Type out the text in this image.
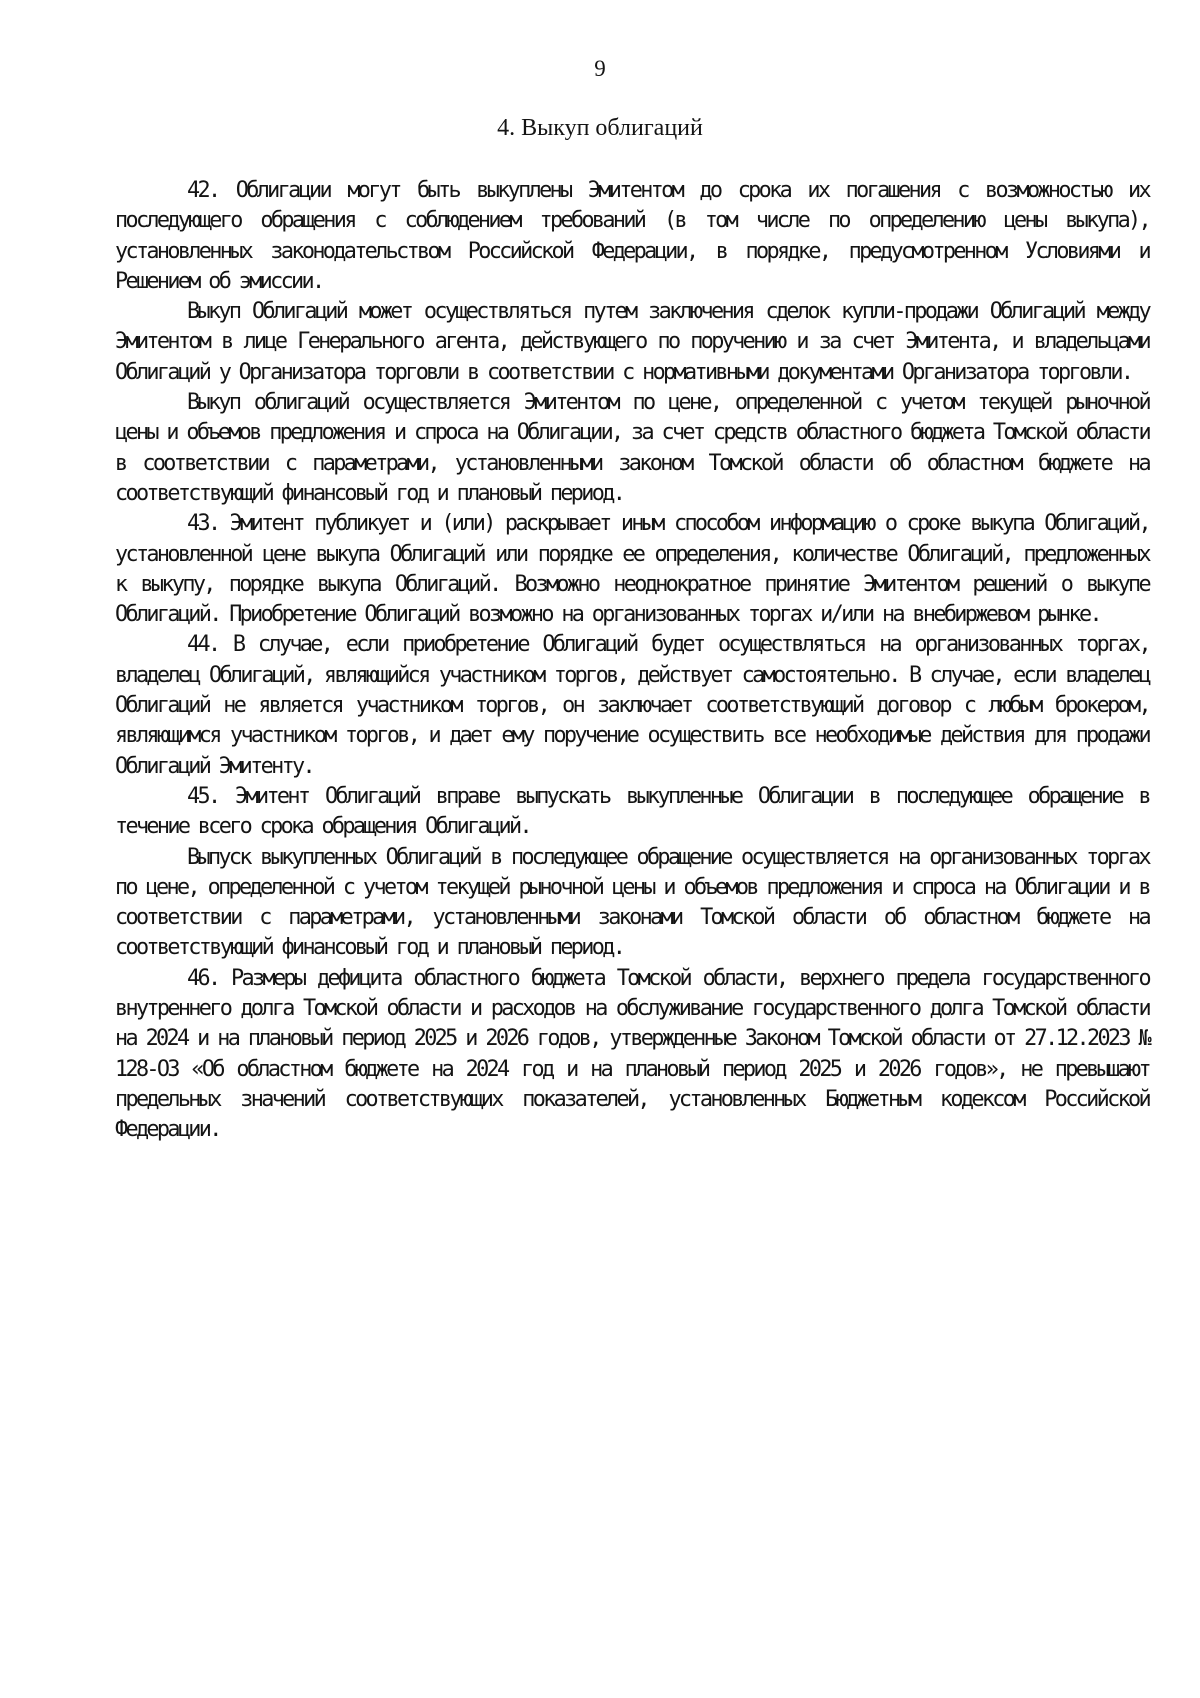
9
4. Выкуп облигаций

42. Облигации могут быть выкуплены Эмитентом до срока их погашения с возможностью их последующего обращения с соблюдением требований (в том числе по определению цены выкупа), установленных законодательством Российской Федерации, в порядке, предусмотренном Условиями и Решением об эмиссии.

Выкуп Облигаций может осуществляться путем заключения сделок купли-продажи Облигаций между Эмитентом в лице Генерального агента, действующего по поручению и за счет Эмитента, и владельцами Облигаций у Организатора торговли в соответствии с нормативными документами Организатора торговли.

Выкуп облигаций осуществляется Эмитентом по цене, определенной с учетом текущей рыночной цены и объемов предложения и спроса на Облигации, за счет средств областного бюджета Томской области в соответствии с параметрами, установленными законом Томской области об областном бюджете на соответствующий финансовый год и плановый период.

43. Эмитент публикует и (или) раскрывает иным способом информацию о сроке выкупа Облигаций, установленной цене выкупа Облигаций или порядке ее определения, количестве Облигаций, предложенных к выкупу, порядке выкупа Облигаций. Возможно неоднократное принятие Эмитентом решений о выкупе Облигаций. Приобретение Облигаций возможно на организованных торгах и/или на внебиржевом рынке.

44. В случае, если приобретение Облигаций будет осуществляться на организованных торгах, владелец Облигаций, являющийся участником торгов, действует самостоятельно. В случае, если владелец Облигаций не является участником торгов, он заключает соответствующий договор с любым брокером, являющимся участником торгов, и дает ему поручение осуществить все необходимые действия для продажи Облигаций Эмитенту.

45. Эмитент Облигаций вправе выпускать выкупленные Облигации в последующее обращение в течение всего срока обращения Облигаций.

Выпуск выкупленных Облигаций в последующее обращение осуществляется на организованных торгах по цене, определенной с учетом текущей рыночной цены и объемов предложения и спроса на Облигации и в соответствии с параметрами, установленными законами Томской области об областном бюджете на соответствующий финансовый год и плановый период.

46. Размеры дефицита областного бюджета Томской области, верхнего предела государственного внутреннего долга Томской области и расходов на обслуживание государственного долга Томской области на 2024 и на плановый период 2025 и 2026 годов, утвержденные Законом Томской области от 27.12.2023 № 128-ОЗ «Об областном бюджете на 2024 год и на плановый период 2025 и 2026 годов», не превышают предельных значений соответствующих показателей, установленных Бюджетным кодексом Российской Федерации.
